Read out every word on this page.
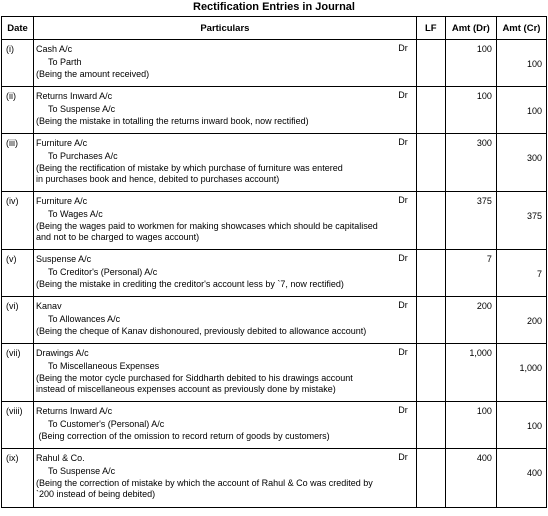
Rectification Entries in Journal
Date	Particulars	LF	Amt (Dr)	Amt (Cr)
(i)	Cash A/c Dr
To Parth
(Being the amount received)		100	100
(ii)	Returns Inward A/c Dr
To Suspense A/c
(Being the mistake in totalling the returns inward book, now rectified)		100	100
(iii)	Furniture A/c Dr
To Purchases A/c
(Being the rectification of mistake by which purchase of furniture was entered
in purchases book and hence, debited to purchases account)		300	300
(iv)	Furniture A/c Dr
To Wages A/c
(Being the wages paid to workmen for making showcases which should be capitalised
and not to be charged to wages account)		375	375
(v)	Suspense A/c Dr
To Creditor's (Personal) A/c
(Being the mistake in crediting the creditor's account less by `7, now rectified)		7	7
(vi)	Kanav Dr
To Allowances A/c
(Being the cheque of Kanav dishonoured, previously debited to allowance account)		200	200
(vii)	Drawings A/c Dr
To Miscellaneous Expenses
(Being the motor cycle purchased for Siddharth debited to his drawings account
instead of miscellaneous expenses account as previously done by mistake)		1,000	1,000
(viii)	Returns Inward A/c Dr
To Customer's (Personal) A/c
(Being correction of the omission to record return of goods by customers)		100	100
(ix)	Rahul & Co. Dr
To Suspense A/c
(Being the correction of mistake by which the account of Rahul & Co was credited by
`200 instead of being debited)		400	400
